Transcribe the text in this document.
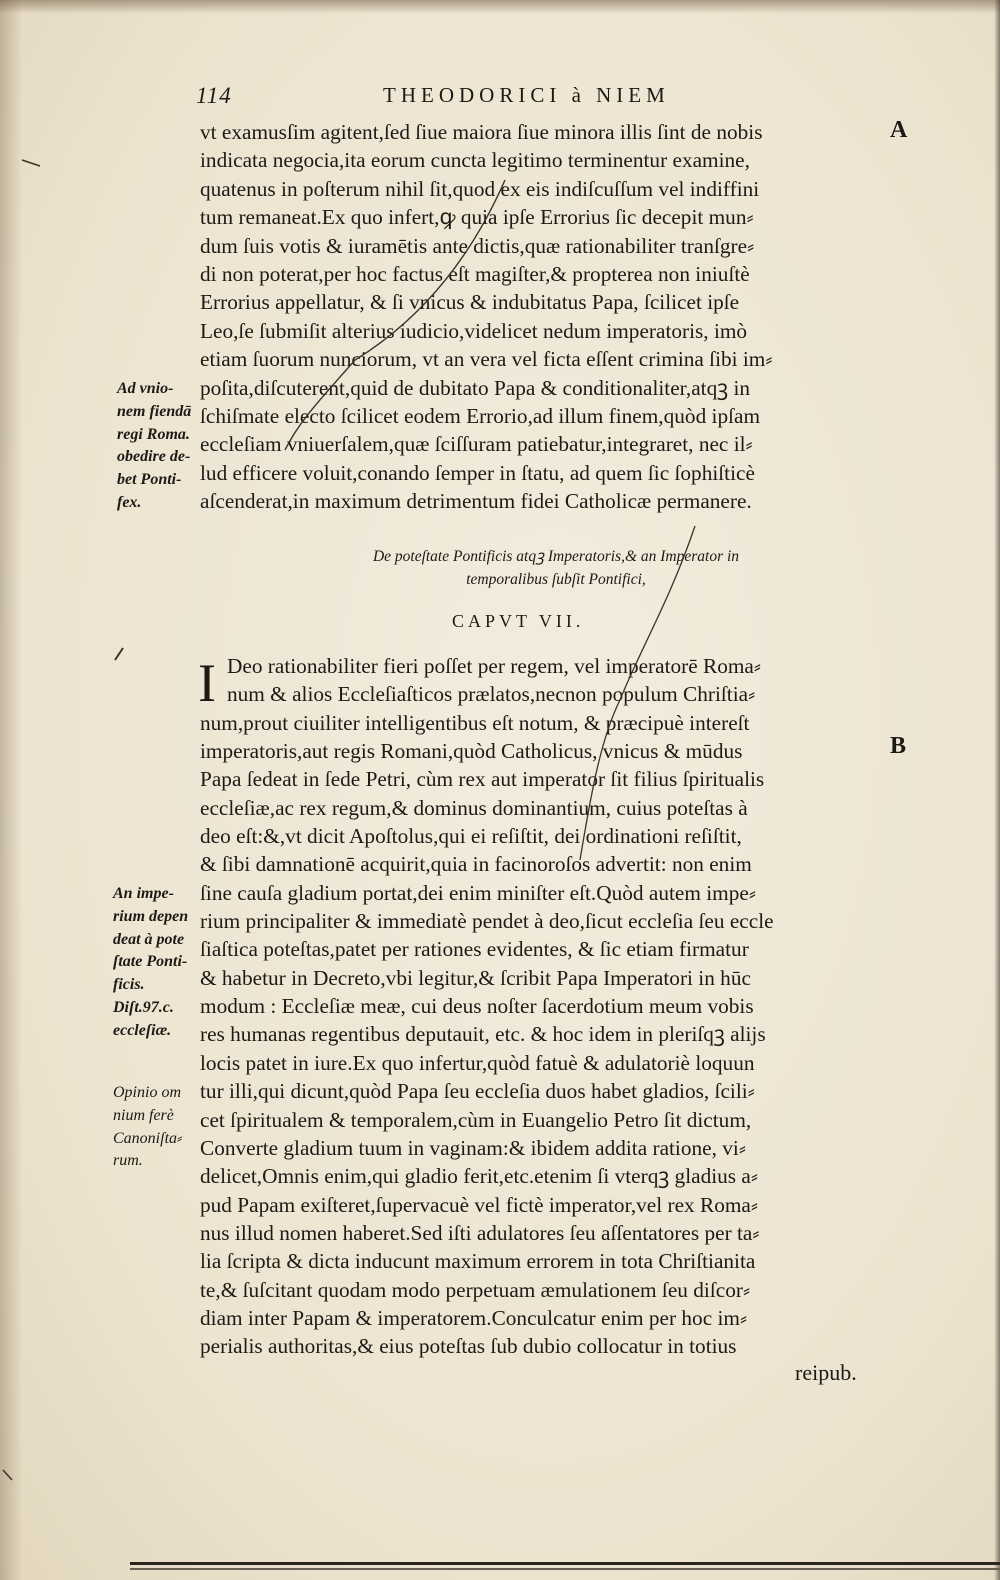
114	THEODORICI à NIEM
A
B
vt examusſim agitent,ſed ſiue maiora ſiue minora illis ſint de nobis
indicata negocia,ita eorum cuncta legitimo terminentur examine,
quatenus in poſterum nihil ſit,quod ex eis indiſcuſſum vel indiffini
tum remaneat.Ex quo infert,ꝙ quia ipſe Errorius ſic decepit mun⸗
dum ſuis votis & iuramētis ante dictis,quæ rationabiliter tranſgre⸗
di non poterat,per hoc factus eſt magiſter,& propterea non iniuſtè
Errorius appellatur, & ſi vnicus & indubitatus Papa, ſcilicet ipſe
Leo,ſe ſubmiſit alterius iudicio,videlicet nedum imperatoris, imò
etiam ſuorum nunciorum, vt an vera vel ficta eſſent crimina ſibi im⸗
poſita,diſcuterent,quid de dubitato Papa & conditionaliter,atqꝫ in
ſchiſmate electo ſcilicet eodem Errorio,ad illum finem,quòd ipſam
eccleſiam vniuerſalem,quæ ſciſſuram patiebatur,integraret, nec il⸗
lud efficere voluit,conando ſemper in ſtatu, ad quem ſic ſophiſticè
aſcenderat,in maximum detrimentum fidei Catholicæ permanere.
Ad vnio-
nem fiendā
regi Roma.
obedire de-
bet Ponti-
fex.
De poteſtate Pontificis atqꝫ Imperatoris,& an Imperator in
temporalibus ſubſit Pontifici,
CAPVT VII.
I Deo rationabiliter fieri poſſet per regem, vel imperatorē Roma⸗
num & alios Eccleſiaſticos prælatos,necnon populum Chriſtia⸗
num,prout ciuiliter intelligentibus eſt notum, & præcipuè intereſt
imperatoris,aut regis Romani,quòd Catholicus, vnicus & mūdus
Papa ſedeat in ſede Petri, cùm rex aut imperator ſit filius ſpiritualis
eccleſiæ,ac rex regum,& dominus dominantium, cuius poteſtas à
deo eſt:&,vt dicit Apoſtolus,qui ei reſiſtit, dei ordinationi reſiſtit,
& ſibi damnationē acquirit,quia in facinoroſos advertit: non enim
ſine cauſa gladium portat,dei enim miniſter eſt.Quòd autem impe⸗
rium principaliter & immediatè pendet à deo,ſicut eccleſia ſeu eccle
ſiaſtica poteſtas,patet per rationes evidentes, & ſic etiam firmatur
& habetur in Decreto,vbi legitur,& ſcribit Papa Imperatori in hūc
modum : Eccleſiæ meæ, cui deus noſter ſacerdotium meum vobis
res humanas regentibus deputauit, etc. & hoc idem in pleriſqꝫ alijs
locis patet in iure.Ex quo infertur,quòd fatuè & adulatoriè loquun
tur illi,qui dicunt,quòd Papa ſeu eccleſia duos habet gladios, ſcili⸗
cet ſpiritualem & temporalem,cùm in Euangelio Petro ſit dictum,
Converte gladium tuum in vaginam:& ibidem addita ratione, vi⸗
delicet,Omnis enim,qui gladio ferit,etc.etenim ſi vterqꝫ gladius a⸗
pud Papam exiſteret,ſupervacuè vel fictè imperator,vel rex Roma⸗
nus illud nomen haberet.Sed iſti adulatores ſeu aſſentatores per ta⸗
lia ſcripta & dicta inducunt maximum errorem in tota Chriſtianita
te,& ſuſcitant quodam modo perpetuam æmulationem ſeu diſcor⸗
diam inter Papam & imperatorem.Conculcatur enim per hoc im⸗
perialis authoritas,& eius poteſtas ſub dubio collocatur in totius
reipub.
An impe-
rium depen
deat à pote
ſtate Ponti-
ficis.
Diſt.97.c.
eccleſiæ.
Opinio om
nium ferè
Canoniſta⸗
rum.
